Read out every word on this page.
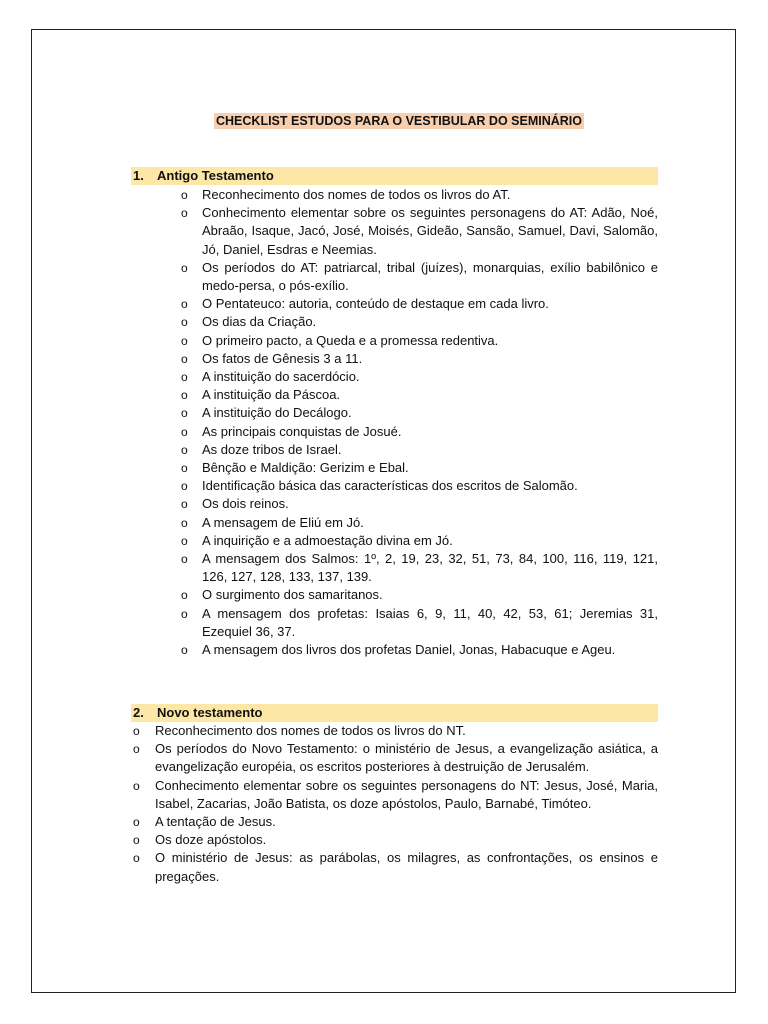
CHECKLIST ESTUDOS PARA O VESTIBULAR DO SEMINÁRIO
1. Antigo Testamento
o Reconhecimento dos nomes de todos os livros do AT.
o Conhecimento elementar sobre os seguintes personagens do AT: Adão, Noé, Abraão, Isaque, Jacó, José, Moisés, Gideão, Sansão, Samuel, Davi, Salomão, Jó, Daniel, Esdras e Neemias.
o Os períodos do AT: patriarcal, tribal (juízes), monarquias, exílio babilônico e medo-persa, o pós-exílio.
o O Pentateuco: autoria, conteúdo de destaque em cada livro.
o Os dias da Criação.
o O primeiro pacto, a Queda e a promessa redentiva.
o Os fatos de Gênesis 3 a 11.
o A instituição do sacerdócio.
o A instituição da Páscoa.
o A instituição do Decálogo.
o As principais conquistas de Josué.
o As doze tribos de Israel.
o Bênção e Maldição: Gerizim e Ebal.
o Identificação básica das características dos escritos de Salomão.
o Os dois reinos.
o A mensagem de Eliú em Jó.
o A inquirição e a admoestação divina em Jó.
o A mensagem dos Salmos: 1º, 2, 19, 23, 32, 51, 73, 84, 100, 116, 119, 121, 126, 127, 128, 133, 137, 139.
o O surgimento dos samaritanos.
o A mensagem dos profetas: Isaias 6, 9, 11, 40, 42, 53, 61; Jeremias 31, Ezequiel 36, 37.
o A mensagem dos livros dos profetas Daniel, Jonas, Habacuque e Ageu.
2. Novo testamento
o Reconhecimento dos nomes de todos os livros do NT.
o Os períodos do Novo Testamento: o ministério de Jesus, a evangelização asiática, a evangelização européia, os escritos posteriores à destruição de Jerusalém.
o Conhecimento elementar sobre os seguintes personagens do NT: Jesus, José, Maria, Isabel, Zacarias, João Batista, os doze apóstolos, Paulo, Barnabé, Timóteo.
o A tentação de Jesus.
o Os doze apóstolos.
o O ministério de Jesus: as parábolas, os milagres, as confrontações, os ensinos e pregações.
